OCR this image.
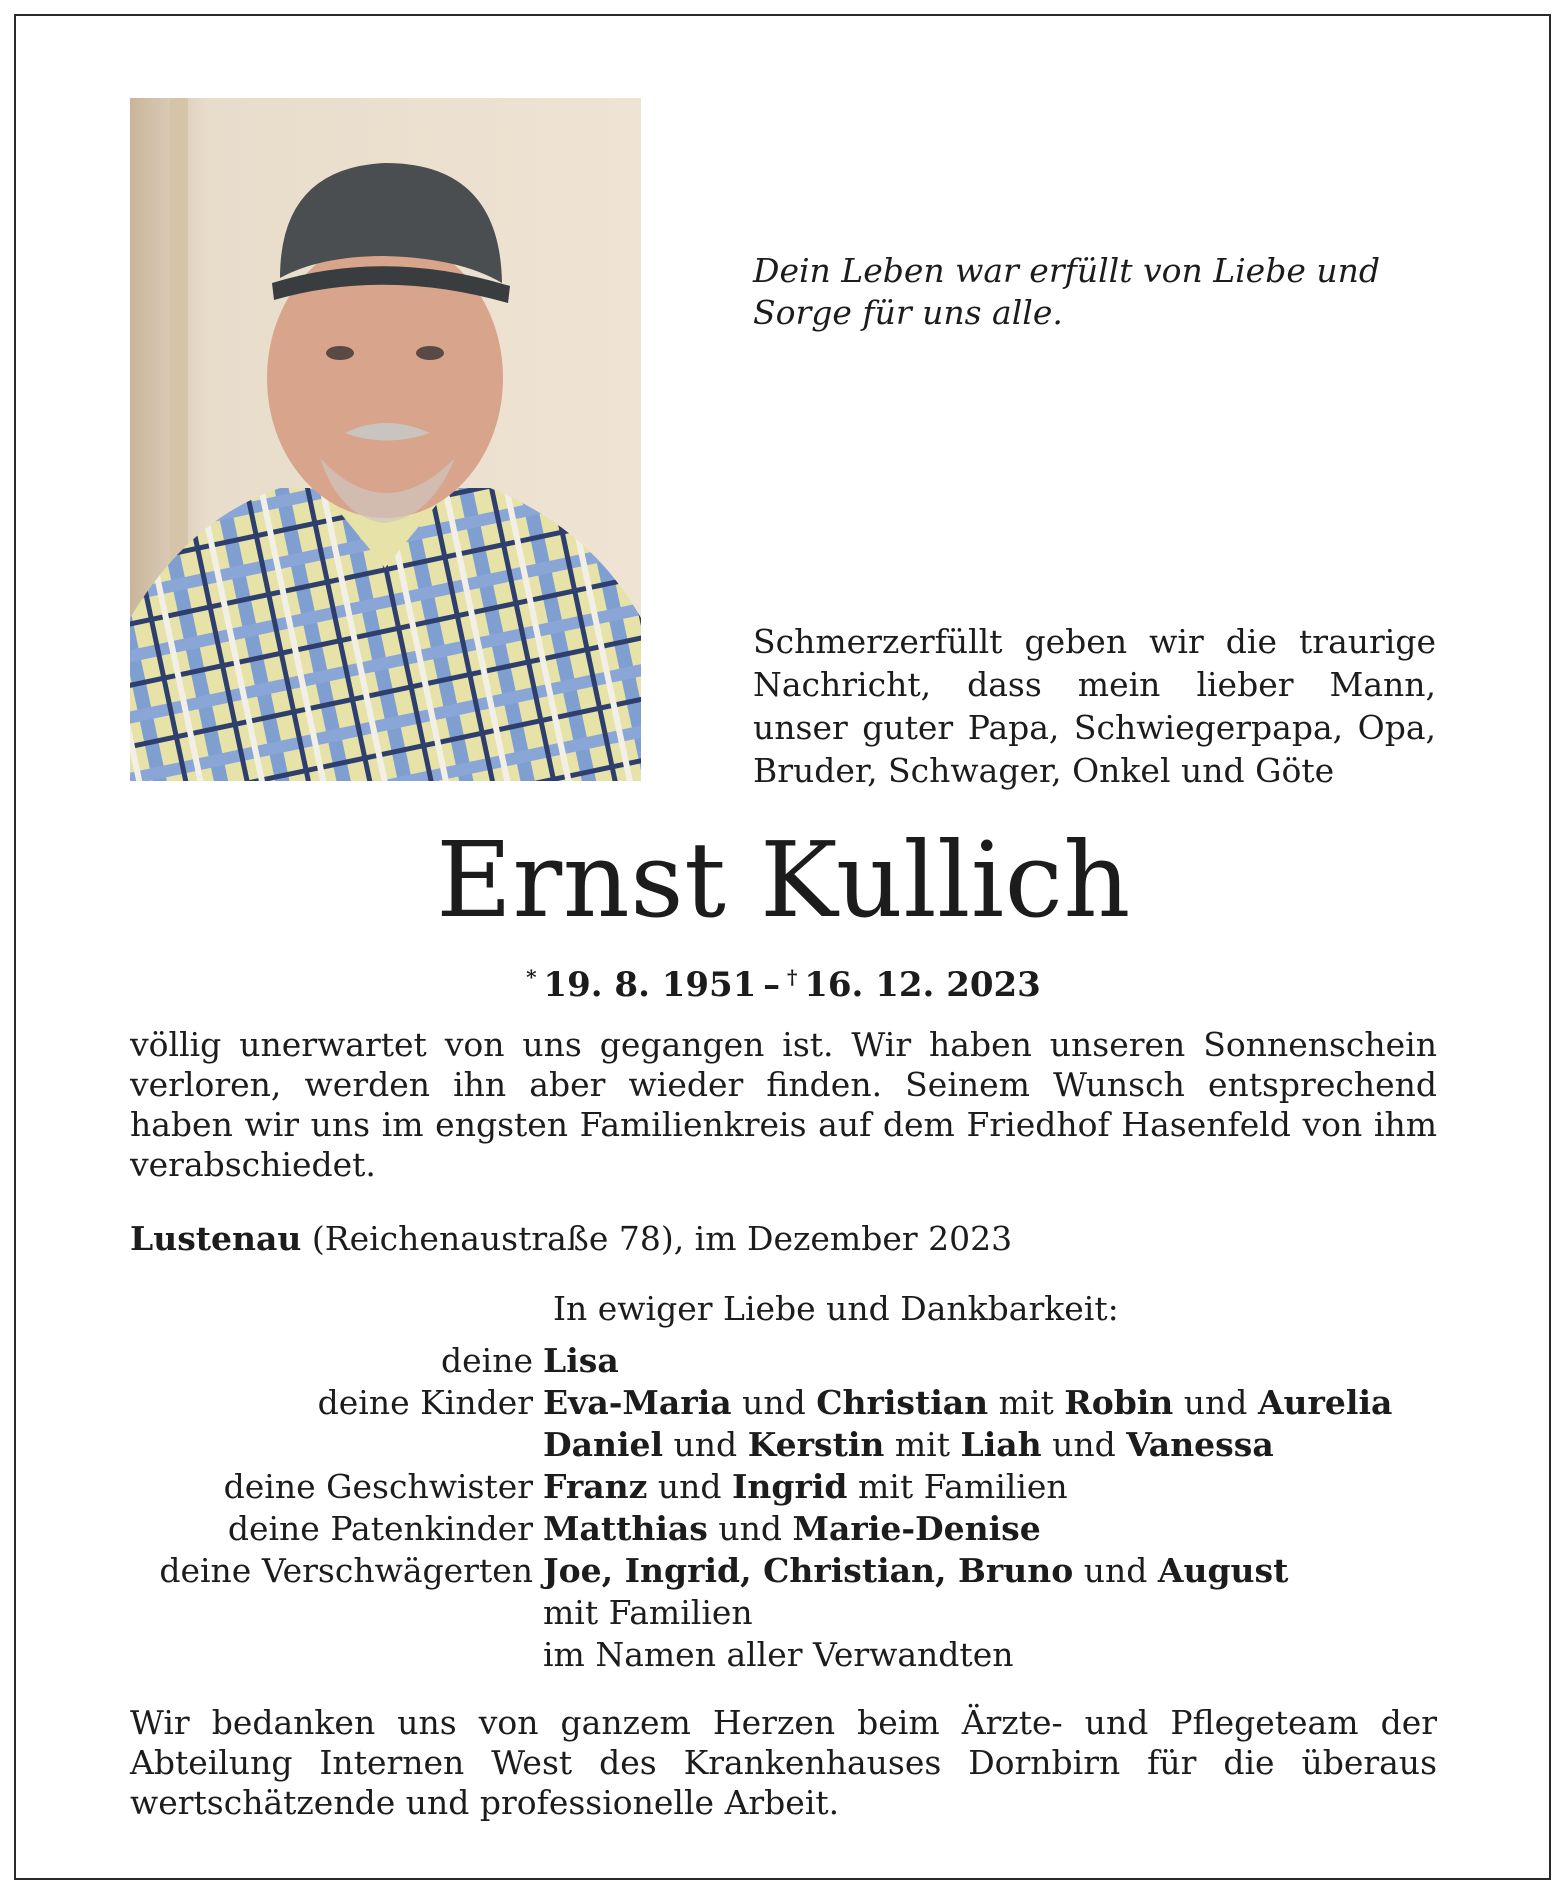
Dein Leben war erfüllt von Liebe und Sorge für uns alle.

Schmerzerfüllt geben wir die traurige Nachricht, dass mein lieber Mann, unser guter Papa, Schwiegerpapa, Opa, Bruder, Schwager, Onkel und Göte

Ernst Kullich

*  19. 8. 1951  –  †  16. 12. 2023

völlig unerwartet von uns gegangen ist. Wir haben unseren Sonnenschein verloren, werden ihn aber wieder finden. Seinem Wunsch entsprechend haben wir uns im engsten Familienkreis auf dem Friedhof Hasenfeld von ihm verabschiedet.

Lustenau (Reichenaustraße 78), im Dezember 2023

In ewiger Liebe und Dankbarkeit:

deine Lisa
deine Kinder Eva-Maria und Christian mit Robin und Aurelia
Daniel und Kerstin mit Liah und Vanessa
deine Geschwister Franz und Ingrid mit Familien
deine Patenkinder Matthias und Marie-Denise
deine Verschwägerten Joe, Ingrid, Christian, Bruno und August
mit Familien
im Namen aller Verwandten

Wir bedanken uns von ganzem Herzen beim Ärzte- und Pflegeteam der Abteilung Internen West des Krankenhauses Dornbirn für die überaus wertschätzende und professionelle Arbeit.
